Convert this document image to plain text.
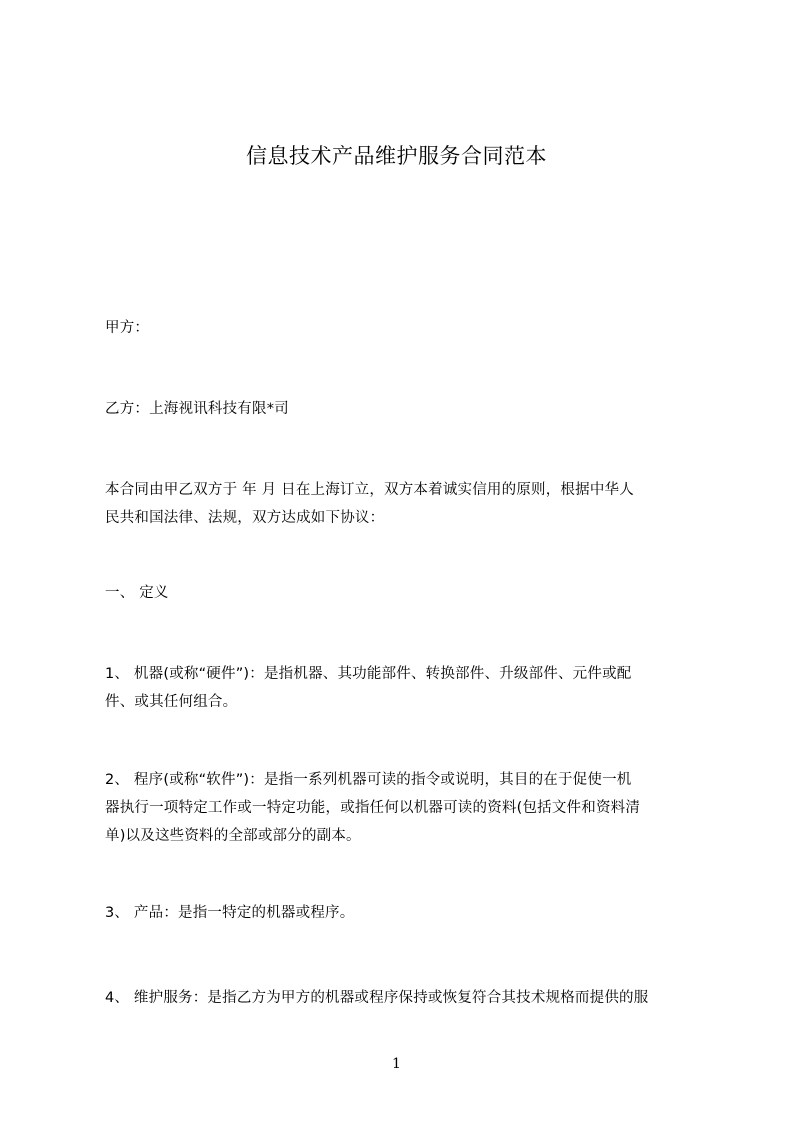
信息技术产品维护服务合同范本
甲方：
乙方：上海视讯科技有限*司
本合同由甲乙双方于 年 月 日在上海订立，双方本着诚实信用的原则，根据中华人
民共和国法律、法规，双方达成如下协议：
一、 定义
1、 机器(或称“硬件”)：是指机器、其功能部件、转换部件、升级部件、元件或配
件、或其任何组合。
2、 程序(或称“软件”)：是指一系列机器可读的指令或说明，其目的在于促使一机
器执行一项特定工作或一特定功能，或指任何以机器可读的资料(包括文件和资料清
单)以及这些资料的全部或部分的副本。
3、 产品：是指一特定的机器或程序。
4、 维护服务：是指乙方为甲方的机器或程序保持或恢复符合其技术规格而提供的服
1
